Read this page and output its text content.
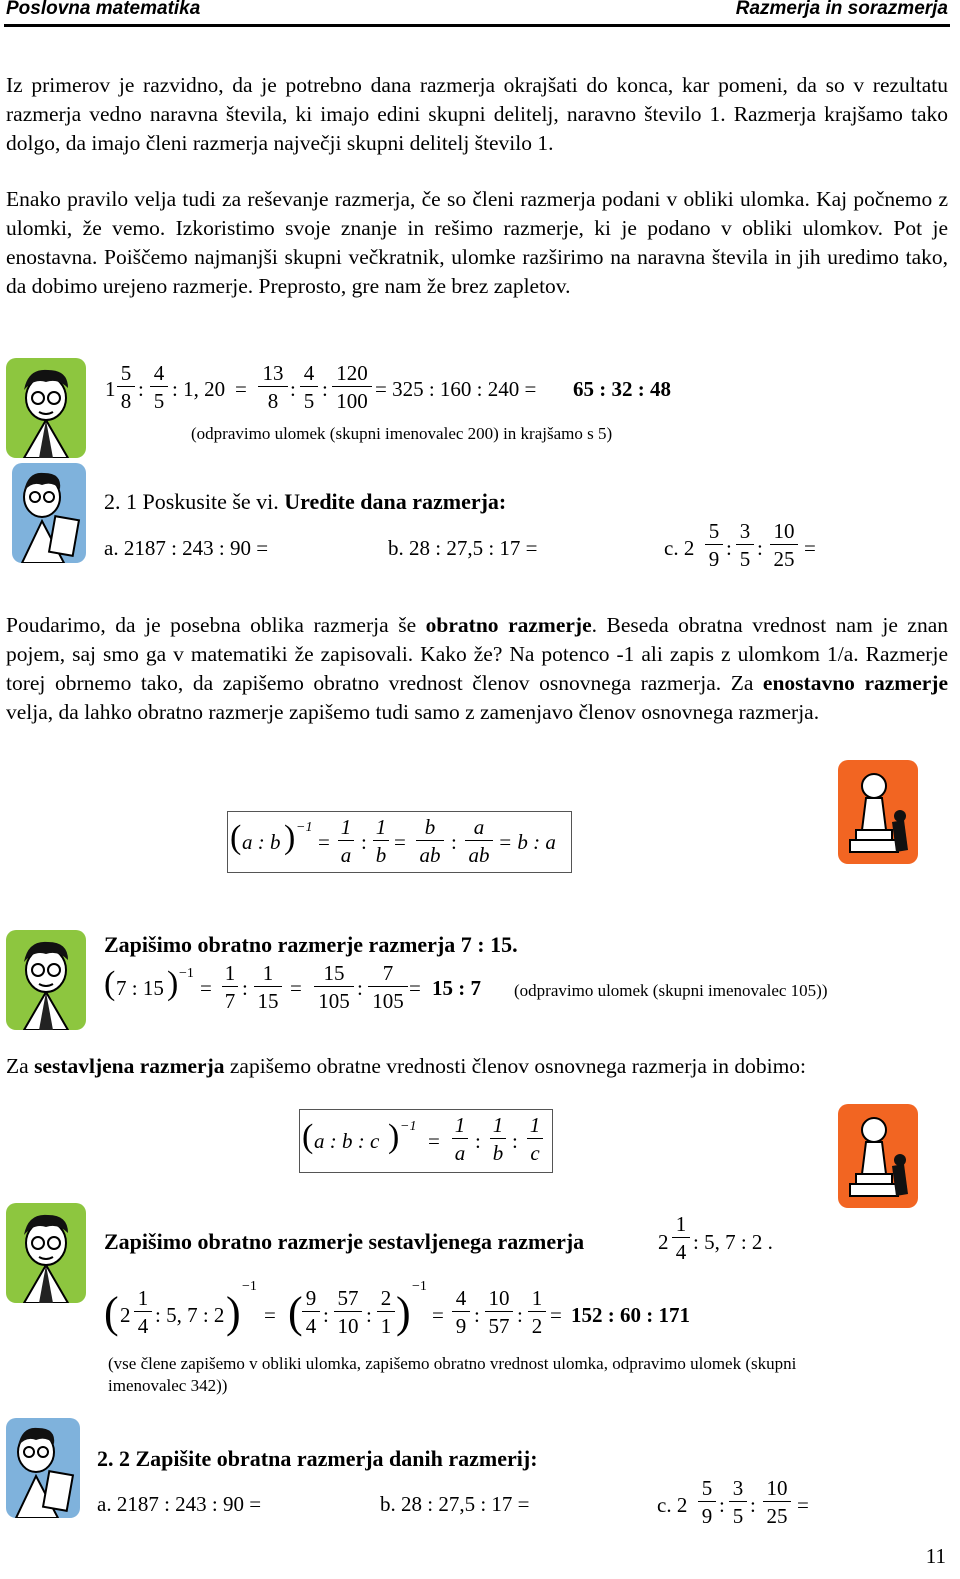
Poslovna matematika	Razmerja in sorazmerja
Iz primerov je razvidno, da je potrebno dana razmerja okrajšati do konca, kar pomeni, da so v rezultatu razmerja vedno naravna števila, ki imajo edini skupni delitelj, naravno število 1. Razmerja krajšamo tako dolgo, da imajo členi razmerja največji skupni delitelj število 1.
Enako pravilo velja tudi za reševanje razmerja, če so členi razmerja podani v obliki ulomka. Kaj počnemo z ulomki, že vemo. Izkoristimo svoje znanje in rešimo razmerje, ki je podano v obliki ulomkov. Pot je enostavna. Poiščemo najmanjši skupni večkratnik, ulomke razširimo na naravna števila in jih uredimo tako, da dobimo urejeno razmerje. Preprosto, gre nam že brez zapletov.
$1 \frac{5}{8}$ : $\frac{4}{5}$ : 1, $20 = \frac{13}{8}$ : $\frac{4}{5}$ : $\frac{120}{100} = 325$ : 160 : 240 = 65 : 32 : 48
(odpravimo ulomek (skupni imenovalec 200) in krajšamo s 5)
2. 1 Poskusite še vi. Uredite dana razmerja:
a. 2187 : 243 : 90 =	b. 28 : 27,5 : 17 =	c. $2 \frac{5}{9}$ : $\frac{3}{5}$ : $\frac{10}{25}$ =
Poudarimo, da je posebna oblika razmerja še obratno razmerje. Beseda obratna vrednost nam je znan pojem, saj smo ga v matematiki že zapisovali. Kako že? Na potenco -1 ali zapis z ulomkom 1/a. Razmerje torej obrnemo tako, da zapišemo obratno vrednost členov osnovnega razmerja. Za enostavno razmerje velja, da lahko obratno razmerje zapišemo tudi samo z zamenjavo členov osnovnega razmerja.
( a : b ) −1
= $\frac{1}{a}$ : $\frac{1}{b} = \frac{b}{ab}$ : $\frac{a}{ab} = b$ : a
Zapišimo obratno razmerje razmerja 7 : 15.
( 7 : 15 ) −1
= $\frac{1}{7}$ : $\frac{1}{15} = \frac{15}{105}$ : $\frac{7}{105} = 15$ : 7 (odpravimo ulomek (skupni imenovalec 105))
Za sestavljena razmerja zapišemo obratne vrednosti členov osnovnega razmerja in dobimo:
( a : b : c ) −1
= $\frac{1}{a}$ : $\frac{1}{b}$ : $\frac{1}{c}$
Zapišimo obratno razmerje sestavljenega razmerja	$2 \frac{1}{4}$ : 5, 7 : 2 .
( $2 \frac{1}{4}$ : 5, 7 : 2 )
−1
= ( $\frac{9}{4}$ : $\frac{57}{10}$ : $\frac{2}{1}$ )
−1
= $\frac{4}{9}$ : $\frac{10}{57}$ : $\frac{1}{2} = 152$ : 60 : 171
(vse člene zapišemo v obliki ulomka, zapišemo obratno vrednost ulomka, odpravimo ulomek (skupni imenovalec 342))
2. 2 Zapišite obratna razmerja danih razmerij:
a. 2187 : 243 : 90 =	b. 28 : 27,5 : 17 =	c. $2 \frac{5}{9}$ : $\frac{3}{5}$ : $\frac{10}{25}$ =
11
